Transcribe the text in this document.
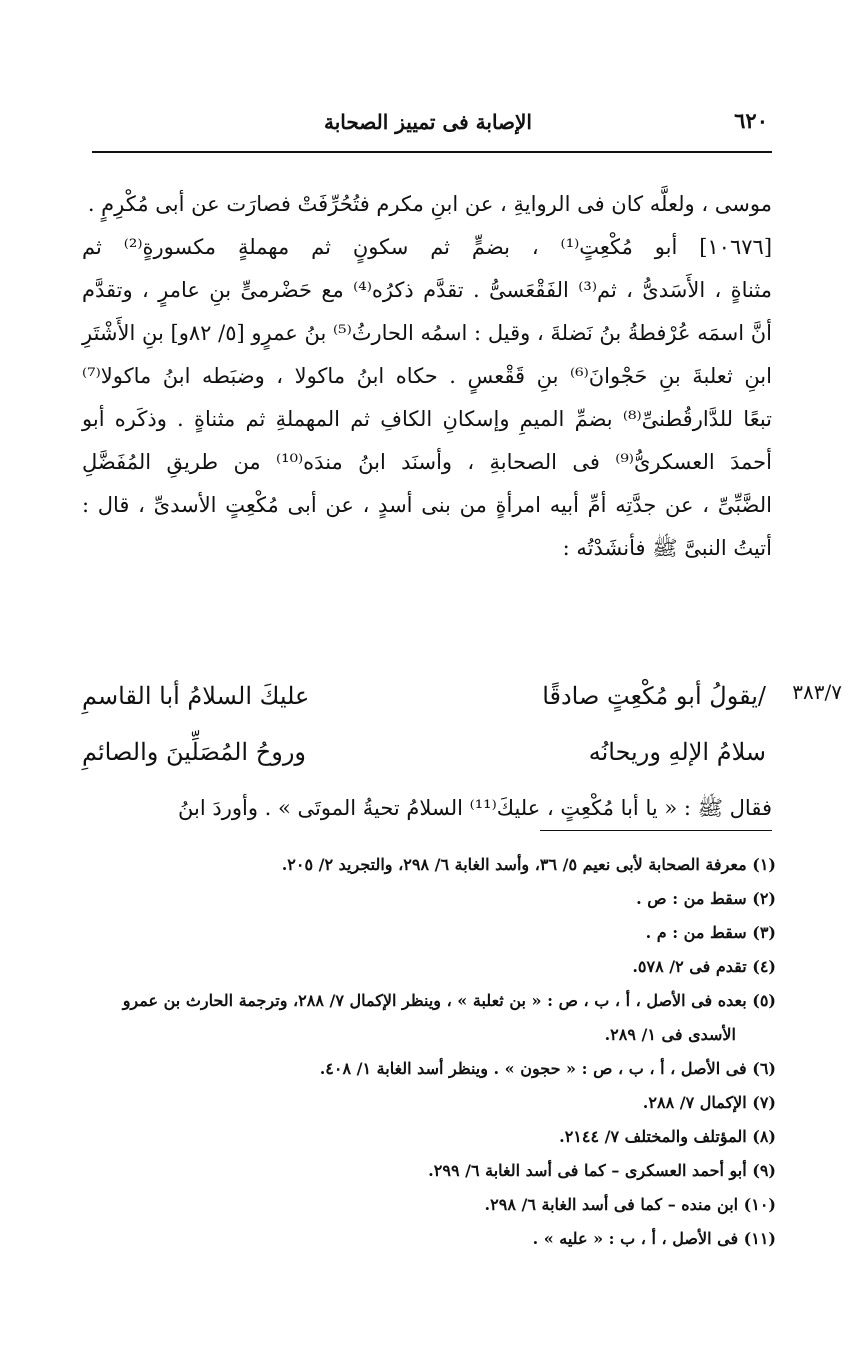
٦٢٠
الإصابة فى تمييز الصحابة
موسى ، ولعلَّه كان فى الروايةِ ، عن ابنِ مكرم فتُحُرِّفَتْ فصارَت عن أبى مُكْرِمٍ .
[١٠٦٧٦] أبو مُكْعِتٍ⁽¹⁾ ، بضمٍّ ثم سكونٍ ثم مهملةٍ مكسورةٍ⁽²⁾ ثم
مثناةٍ ، الأَسَدىُّ ، ثم⁽³⁾ الفَقْعَسىُّ . تقدَّم ذكرُه⁽⁴⁾ مع حَضْرمىٍّ بنِ عامرٍ ، وتقدَّم
أنَّ اسمَه عُرْفطةُ بنُ نَضلةَ ، وقيل : اسمُه الحارثُ⁽⁵⁾ بنُ عمرٍو [٥/ ٨٢و] بنِ الأَشْتَرِ
ابنِ ثعلبةَ بنِ حَجْوانَ⁽⁶⁾ بنِ قَقْعسٍ . حكاه ابنُ ماكولا ، وضبَطه ابنُ ماكولا⁽⁷⁾
تبعًا للدَّارقُطنىِّ⁽⁸⁾ بضمِّ الميمِ وإسكانِ الكافِ ثم المهملةِ ثم مثناةٍ . وذكَره أبو
أحمدَ العسكرىُّ⁽⁹⁾ فى الصحابةِ ، وأسنَد ابنُ مندَه⁽¹⁰⁾ من طريقِ المُفَضَّلِ
الضَّبِّىِّ ، عن جدَّتِه أمِّ أبيه امرأةٍ من بنى أسدٍ ، عن أبى مُكْعِتٍ الأسدىِّ ، قال :
أتيتُ النبىَّ ﷺ فأنشَدْتُه :
٣٨٣/٧
/يقولُ أبو مُكْعِتٍ صادقًا
عليكَ السلامُ أبا القاسمِ
سلامُ الإلهِ وريحانُه
وروحُ المُصَلِّينَ والصائمِ
فقال ﷺ : « يا أبا مُكْعِتٍ ، عليكَ⁽¹¹⁾ السلامُ تحيةُ الموتَى » . وأوردَ ابنُ
(١) معرفة الصحابة لأبى نعيم ٥/ ٣٦، وأسد الغابة ٦/ ٢٩٨، والتجريد ٢/ ٢٠٥.
(٢) سقط من : ص .
(٣) سقط من : م .
(٤) تقدم فى ٢/ ٥٧٨.
(٥) بعده فى الأصل ، أ ، ب ، ص : « بن ثعلبة » ، وينظر الإكمال ٧/ ٢٨٨، وترجمة الحارث بن عمرو
الأسدى فى ١/ ٢٨٩.
(٦) فى الأصل ، أ ، ب ، ص : « حجون » . وينظر أسد الغابة ١/ ٤٠٨.
(٧) الإكمال ٧/ ٢٨٨.
(٨) المؤتلف والمختلف ٧/ ٢١٤٤.
(٩) أبو أحمد العسكرى – كما فى أسد الغابة ٦/ ٢٩٩.
(١٠) ابن منده – كما فى أسد الغابة ٦/ ٢٩٨.
(١١) فى الأصل ، أ ، ب : « عليه » .
